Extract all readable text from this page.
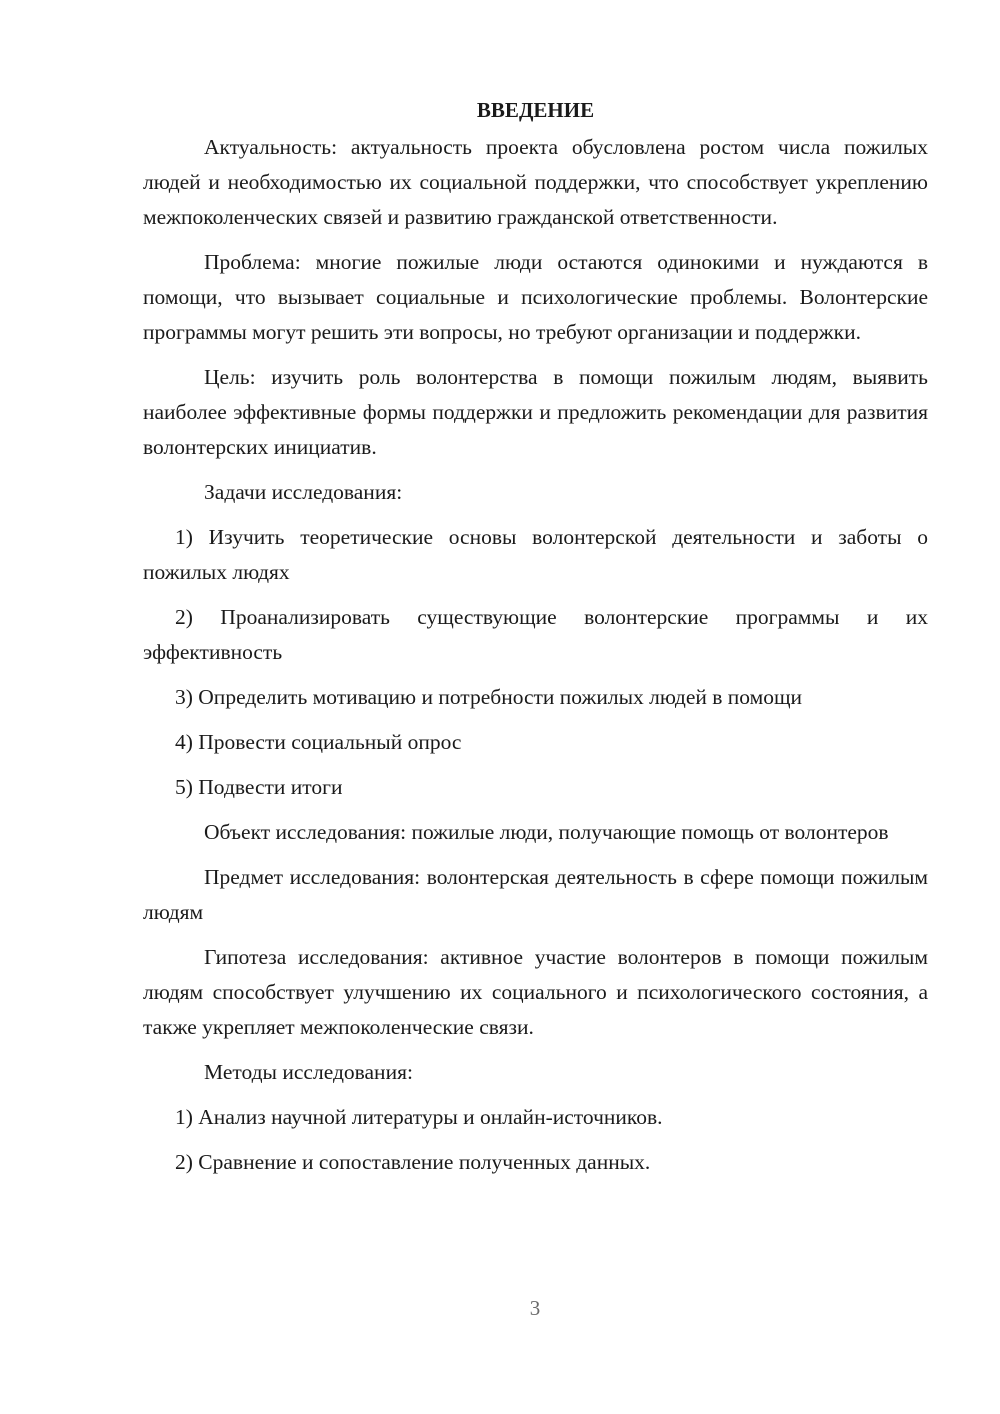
ВВЕДЕНИЕ

Актуальность: актуальность проекта обусловлена ростом числа пожилых людей и необходимостью их социальной поддержки, что способствует укреплению межпоколенческих связей и развитию гражданской ответственности.

Проблема: многие пожилые люди остаются одинокими и нуждаются в помощи, что вызывает социальные и психологические проблемы. Волонтерские программы могут решить эти вопросы, но требуют организации и поддержки.

Цель: изучить роль волонтерства в помощи пожилым людям, выявить наиболее эффективные формы поддержки и предложить рекомендации для развития волонтерских инициатив.

Задачи исследования:

1) Изучить теоретические основы волонтерской деятельности и заботы о пожилых людях

2) Проанализировать существующие волонтерские программы и их эффективность

3) Определить мотивацию и потребности пожилых людей в помощи

4) Провести социальный опрос

5) Подвести итоги

Объект исследования: пожилые люди, получающие помощь от волонтеров

Предмет исследования: волонтерская деятельность в сфере помощи пожилым людям

Гипотеза исследования: активное участие волонтеров в помощи пожилым людям способствует улучшению их социального и психологического состояния, а также укрепляет межпоколенческие связи.

Методы исследования:

1) Анализ научной литературы и онлайн-источников.

2) Сравнение и сопоставление полученных данных.

3
